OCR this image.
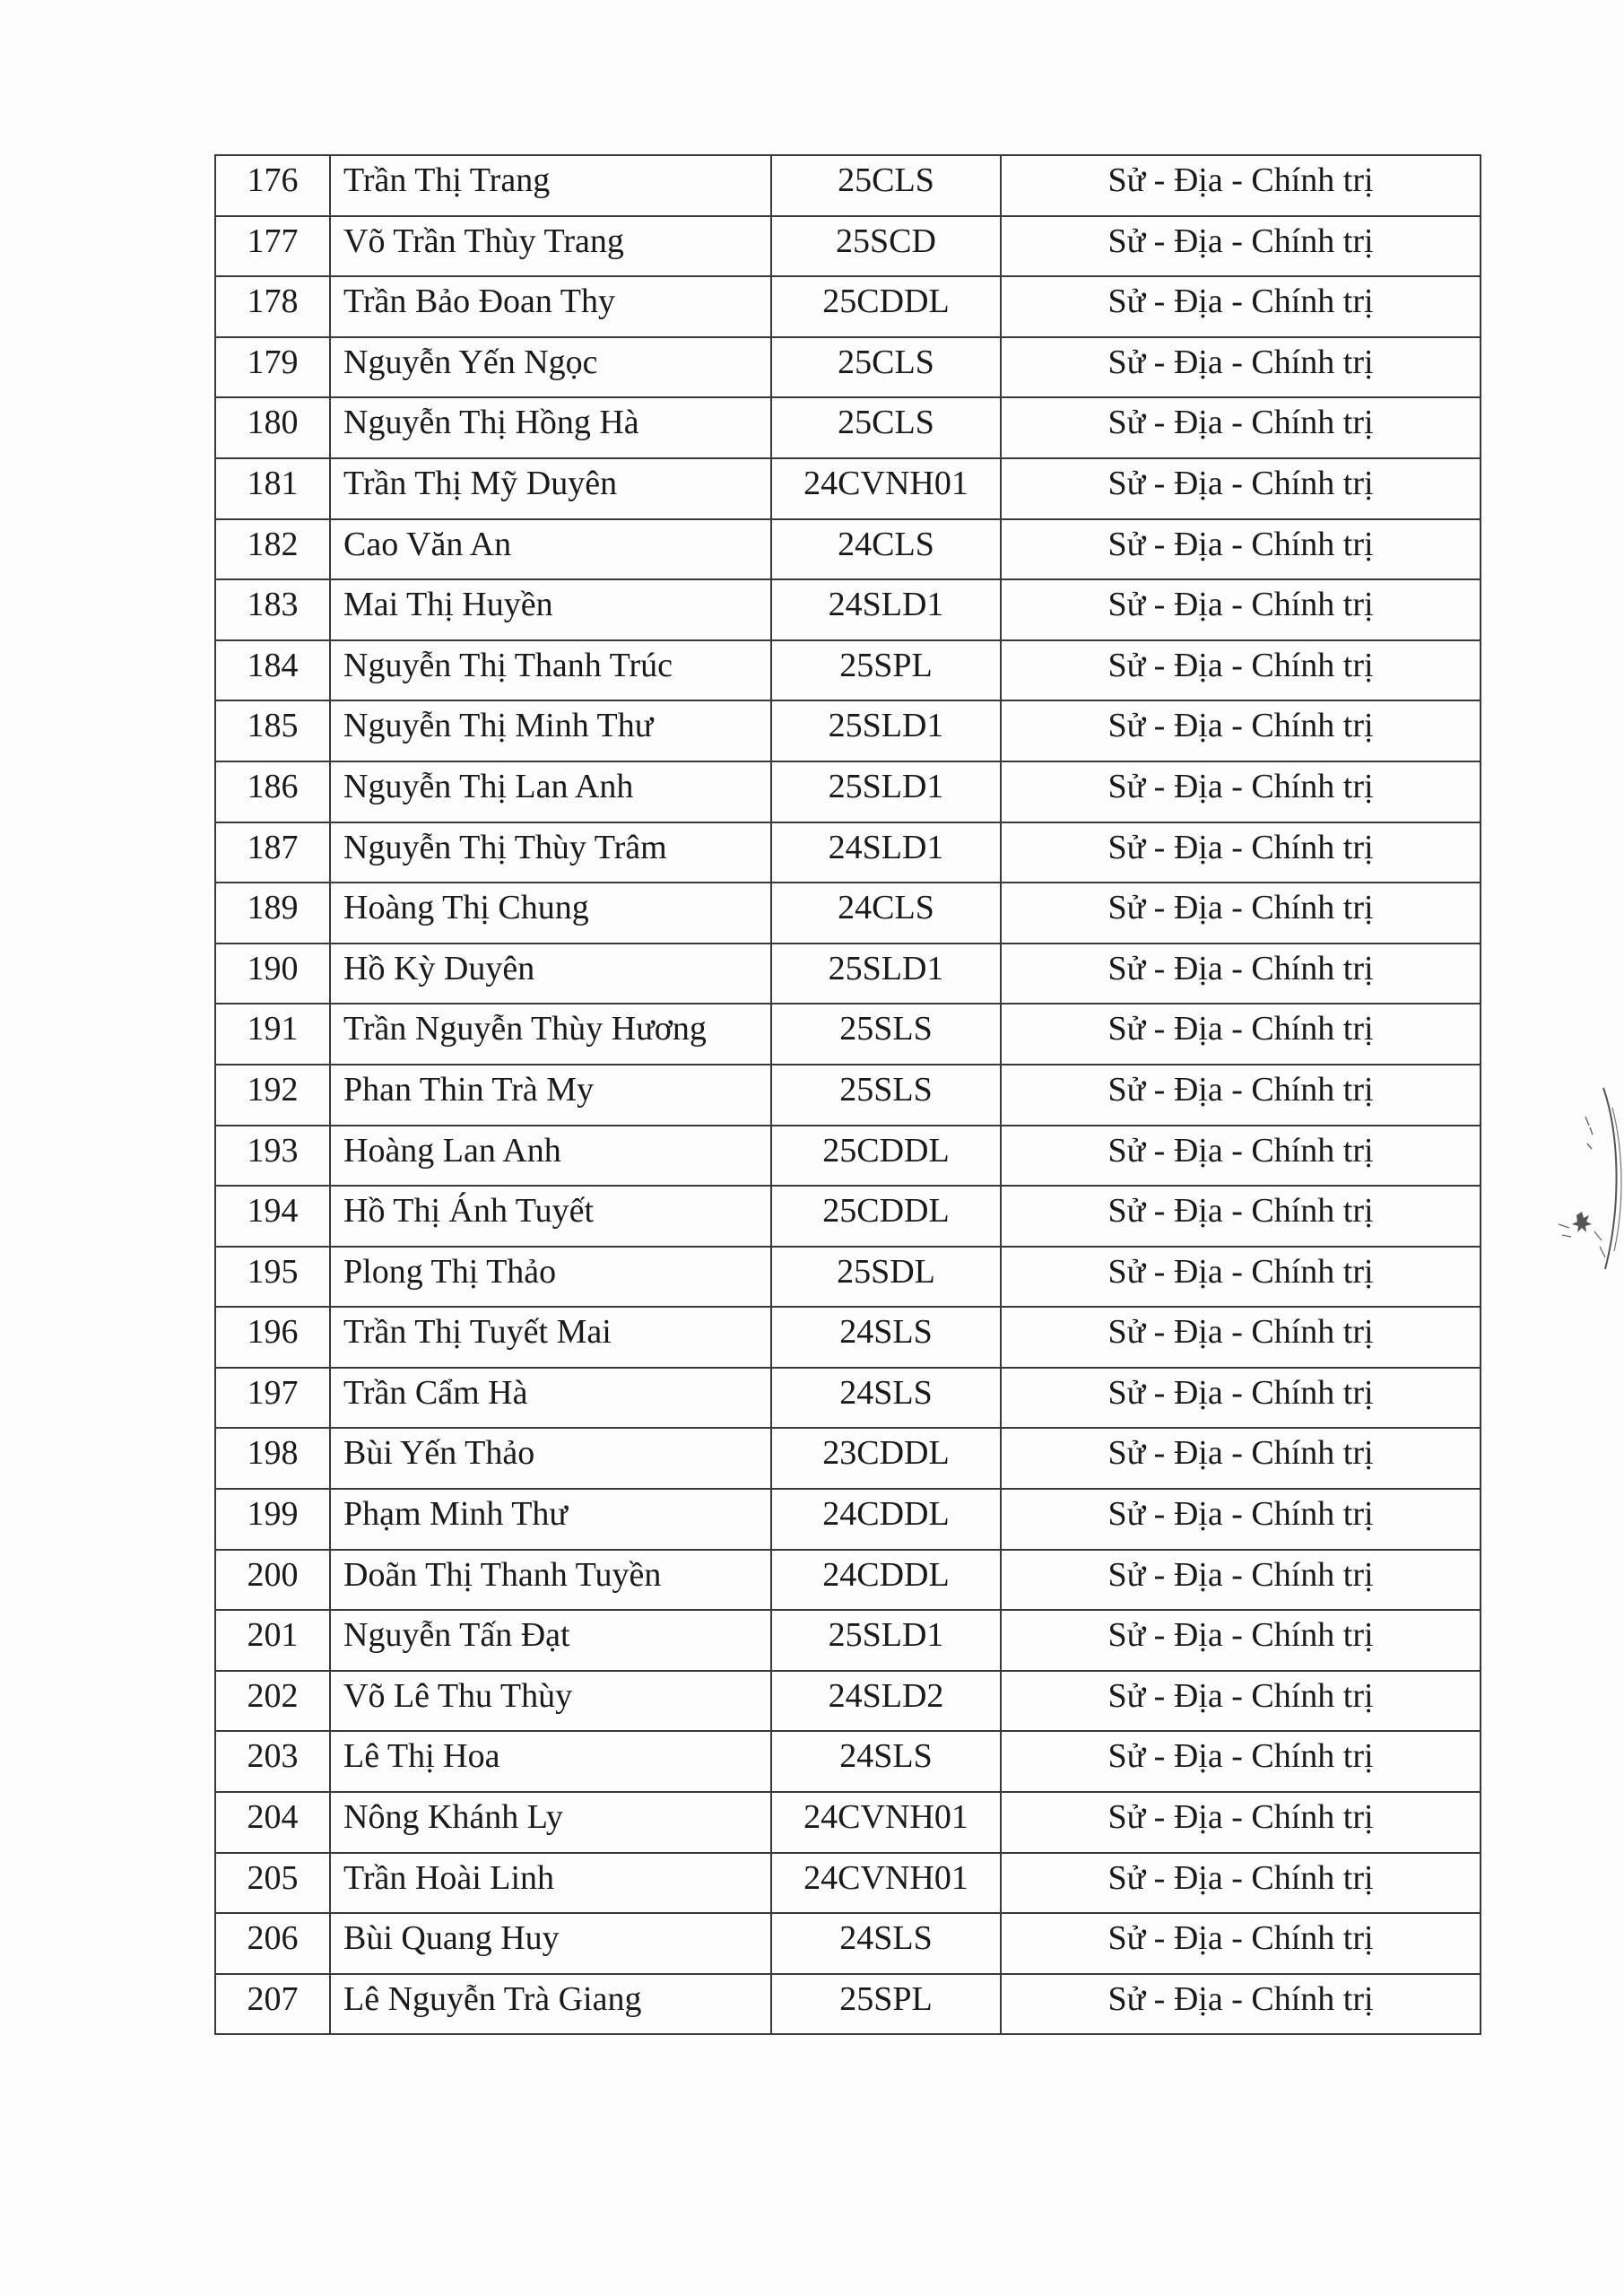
176	Trần Thị Trang	25CLS	Sử - Địa - Chính trị

177	Võ Trần Thùy Trang	25SCD	Sử - Địa - Chính trị

178	Trần Bảo Đoan Thy	25CDDL	Sử - Địa - Chính trị

179	Nguyễn Yến Ngọc	25CLS	Sử - Địa - Chính trị

180	Nguyễn Thị Hồng Hà	25CLS	Sử - Địa - Chính trị

181	Trần Thị Mỹ Duyên	24CVNH01	Sử - Địa - Chính trị

182	Cao Văn An	24CLS	Sử - Địa - Chính trị

183	Mai Thị Huyền	24SLD1	Sử - Địa - Chính trị

184	Nguyễn Thị Thanh Trúc	25SPL	Sử - Địa - Chính trị

185	Nguyễn Thị Minh Thư	25SLD1	Sử - Địa - Chính trị

186	Nguyễn Thị Lan Anh	25SLD1	Sử - Địa - Chính trị

187	Nguyễn Thị Thùy Trâm	24SLD1	Sử - Địa - Chính trị

189	Hoàng Thị Chung	24CLS	Sử - Địa - Chính trị

190	Hồ Kỳ Duyên	25SLD1	Sử - Địa - Chính trị

191	Trần Nguyễn Thùy Hương	25SLS	Sử - Địa - Chính trị

192	Phan Thin Trà My	25SLS	Sử - Địa - Chính trị

193	Hoàng Lan Anh	25CDDL	Sử - Địa - Chính trị

194	Hồ Thị Ánh Tuyết	25CDDL	Sử - Địa - Chính trị

195	Plong Thị Thảo	25SDL	Sử - Địa - Chính trị

196	Trần Thị Tuyết Mai	24SLS	Sử - Địa - Chính trị

197	Trần Cẩm Hà	24SLS	Sử - Địa - Chính trị

198	Bùi Yến Thảo	23CDDL	Sử - Địa - Chính trị

199	Phạm Minh Thư	24CDDL	Sử - Địa - Chính trị

200	Doãn Thị Thanh Tuyền	24CDDL	Sử - Địa - Chính trị

201	Nguyễn Tấn Đạt	25SLD1	Sử - Địa - Chính trị

202	Võ Lê Thu Thùy	24SLD2	Sử - Địa - Chính trị

203	Lê Thị Hoa	24SLS	Sử - Địa - Chính trị

204	Nông Khánh Ly	24CVNH01	Sử - Địa - Chính trị

205	Trần Hoài Linh	24CVNH01	Sử - Địa - Chính trị

206	Bùi Quang Huy	24SLS	Sử - Địa - Chính trị

207	Lê Nguyễn Trà Giang	25SPL	Sử - Địa - Chính trị
